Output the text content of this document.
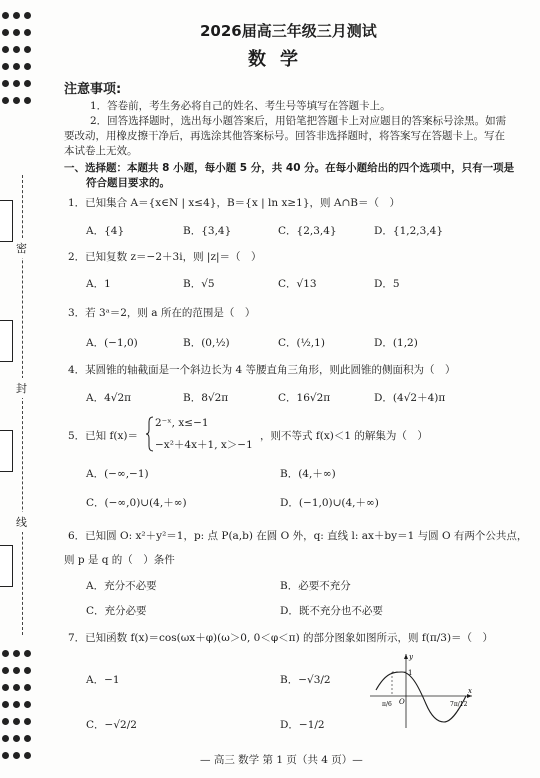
密
封
线

2026届高三年级三月测试
数学
注意事项:
1．答卷前，考生务必将自己的姓名、考生号等填写在答题卡上。
2．回答选择题时，选出每小题答案后，用铅笔把答题卡上对应题目的答案标号涂黑。如需
要改动，用橡皮擦干净后，再选涂其他答案标号。回答非选择题时，将答案写在答题卡上。写在
本试卷上无效。
一、选择题：本题共 8 小题，每小题 5 分，共 40 分。在每小题给出的四个选项中，只有一项是
符合题目要求的。
1．已知集合 A＝{x∈N | x≤4}，B＝{x | ln x≥1}，则 A∩B＝（　）
A．{4}	B．{3,4}	C．{2,3,4}	D．{1,2,3,4}
2．已知复数 z＝−2＋3i，则 |z|＝（　）
A．1	B．√5	C．√13	D．5
3．若 3ᵃ＝2，则 a 所在的范围是（　）
A．(−1,0)	B．(0,½)	C．(½,1)	D．(1,2)
4．某圆锥的轴截面是一个斜边长为 4 等腰直角三角形，则此圆锥的侧面积为（　）
A．4√2π	B．8√2π	C．16√2π	D．(4√2＋4)π
5．已知 f(x)＝
2⁻ˣ, x≤−1
−x²＋4x＋1, x＞−1
，则不等式 f(x)＜1 的解集为（　）
A．(−∞,−1)	B．(4,＋∞)
C．(−∞,0)∪(4,＋∞)	D．(−1,0)∪(4,＋∞)
6．已知圆 O: x²＋y²＝1，p: 点 P(a,b) 在圆 O 外，q: 直线 l: ax＋by＝1 与圆 O 有两个公共点，
则 p 是 q 的（　）条件
A．充分不必要	B．必要不充分
C．充分必要	D．既不充分也不必要
7．已知函数 f(x)＝cos(ωx＋φ)(ω＞0, 0＜φ＜π) 的部分图象如图所示，则 f(π/3)＝（　）
A．−1	B．−√3/2
C．−√2/2	D．−1/2
y
x
1
O
π/6	7π/12
— 高三 数学 第 1 页（共 4 页）—
